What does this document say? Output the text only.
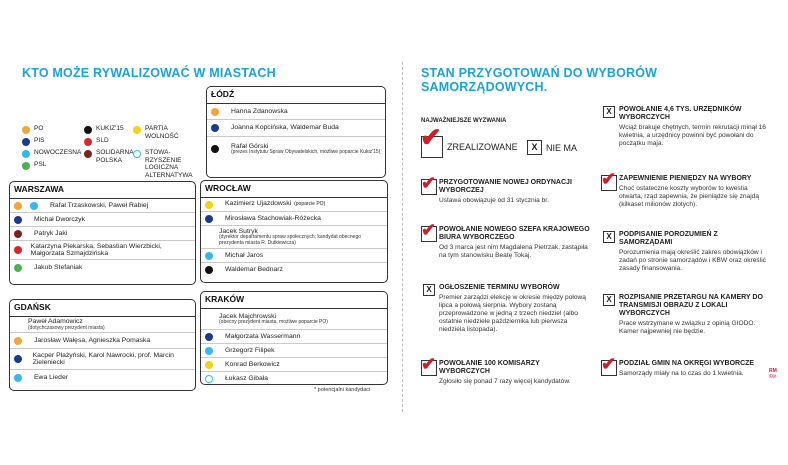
KTO MOŻE RYWALIZOWAĆ W MIASTACH
PO
PIS
NOWOCZESNA
PSL
KUKIZ'15
SLD
SOLIDARNA POLSKA
PARTIA WOLNOŚĆ
STOWA-RZYSZENIE LOGICZNA ALTERNATYWA
ŁÓDŹ
Hanna Zdanowska
Joanna Kopcińska, Waldemar Buda
Rafał Górski
(prezes Instytutu Spraw Obywatelskich, możliwe poparcie Kukiz'15)
WARSZAWA
Rafał Trzaskowski, Paweł Rabiej
Michał Dworczyk
Patryk Jaki
Katarzyna Piekarska, Sebastian Wierzbicki, Małgorzata Szmajdzińska
Jakub Stefaniak
GDAŃSK
Paweł Adamowicz
(dotychczasowy prezydent miasta)
Jarosław Wałęsa, Agnieszka Pomaska
Kacper Płażyński, Karol Nawrocki, prof. Marcin Zieleniecki
Ewa Lieder
WROCŁAW
Kazimierz Ujazdowski (poparcie PO)
Mirosława Stachowiak-Różecka
Jacek Sutryk
(dyrektor departamentu spraw społecznych; kandydat obecnego prezydenta miasta R. Dutkiewicza)
Michał Jaros
Waldemar Bednarz
KRAKÓW
Jacek Majchrowski
(obecny prezydent miasta, możliwe poparcie PO)
Małgorzata Wassermann
Grzegorz Filipek
Konrad Berkowicz
Łukasz Gibała
* potencjalni kandydaci
STAN PRZYGOTOWAŃ DO WYBORÓW
SAMORZĄDOWYCH.
NAJWAŻNIEJSZE WYZWANIA
✔ ZREALIZOWANE	X NIE MA
✔ PRZYGOTOWANIE NOWEJ ORDYNACJI WYBORCZEJ
Ustawa obowiązuje od 31 stycznia br.
✔ POWOŁANIE NOWEGO SZEFA KRAJOWEGO BIURA WYBORCZEGO
Od 3 marca jest nim Magdalena Pietrzak, zastąpiła na tym stanowisku Beatę Tokaj.
X	OGŁOSZENIE TERMINU WYBORÓW
Premier zarządzi elekcję w okresie między połową lipca a połową sierpnia. Wybory zostaną przeprowadzone w jedną z trzech niedziel (albo ostatnie niedziele października lub pierwsza niedziela listopada).
✔ POWOŁANIE 100 KOMISARZY WYBORCZYCH
Zgłosiło się ponad 7 razy więcej kandydatów.
X	POWOŁANIE 4,6 TYS. URZĘDNIKÓW WYBORCZYCH
Wciąż brakuje chętnych, termin rekrutacji minął 16 kwietnia, a urzędnicy powinni być powołani do początku maja.
✔ ZAPEWNIENIE PIENIĘDZY NA WYBORY
Choć ostateczne koszty wyborów to kwestia otwarta, rząd zapewnia, że pieniądze się znajdą (kilkaset milionów złotych).
X	PODPISANIE POROZUMIEŃ Z SAMORZĄDAMI
Porozumienia mają określić zakres obowiązków i zadań po stronie samorządów i KBW oraz określić zasady finansowania.
X	ROZPISANIE PRZETARGU NA KAMERY DO TRANSMISJI OBRAZU Z LOKALI WYBORCZYCH
Prace wstrzymane w związku z opinią GIODO. Kamer najpewniej nie będzie.
✔ PODZIAŁ GMIN NA OKRĘGI WYBORCZE
Samorządy miały na to czas do 1 kwietnia.	RM ©℗
